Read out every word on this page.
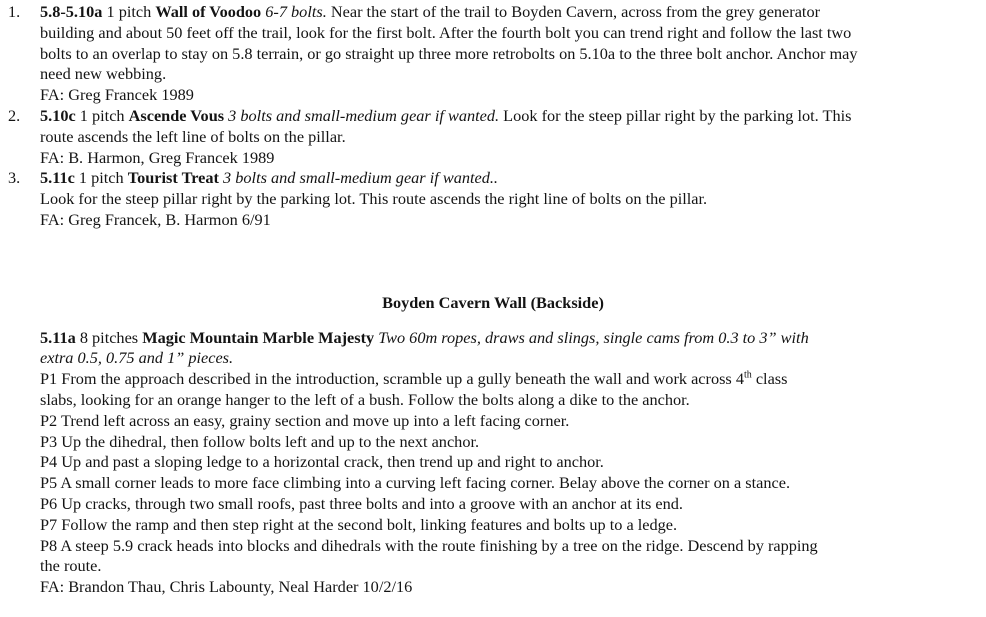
1. 5.8-5.10a 1 pitch Wall of Voodoo 6-7 bolts. Near the start of the trail to Boyden Cavern, across from the grey generator
building and about 50 feet off the trail, look for the first bolt. After the fourth bolt you can trend right and follow the last two
bolts to an overlap to stay on 5.8 terrain, or go straight up three more retrobolts on 5.10a to the three bolt anchor. Anchor may
need new webbing.
FA: Greg Francek 1989
2. 5.10c 1 pitch Ascende Vous 3 bolts and small-medium gear if wanted. Look for the steep pillar right by the parking lot. This
route ascends the left line of bolts on the pillar.
FA: B. Harmon, Greg Francek 1989
3. 5.11c 1 pitch Tourist Treat 3 bolts and small-medium gear if wanted..
Look for the steep pillar right by the parking lot. This route ascends the right line of bolts on the pillar.
FA: Greg Francek, B. Harmon 6/91
Boyden Cavern Wall (Backside)
5.11a 8 pitches Magic Mountain Marble Majesty Two 60m ropes, draws and slings, single cams from 0.3 to 3” with
extra 0.5, 0.75 and 1” pieces.
P1 From the approach described in the introduction, scramble up a gully beneath the wall and work across 4th class
slabs, looking for an orange hanger to the left of a bush. Follow the bolts along a dike to the anchor.
P2 Trend left across an easy, grainy section and move up into a left facing corner.
P3 Up the dihedral, then follow bolts left and up to the next anchor.
P4 Up and past a sloping ledge to a horizontal crack, then trend up and right to anchor.
P5 A small corner leads to more face climbing into a curving left facing corner. Belay above the corner on a stance.
P6 Up cracks, through two small roofs, past three bolts and into a groove with an anchor at its end.
P7 Follow the ramp and then step right at the second bolt, linking features and bolts up to a ledge.
P8 A steep 5.9 crack heads into blocks and dihedrals with the route finishing by a tree on the ridge. Descend by rapping
the route.
FA: Brandon Thau, Chris Labounty, Neal Harder 10/2/16
